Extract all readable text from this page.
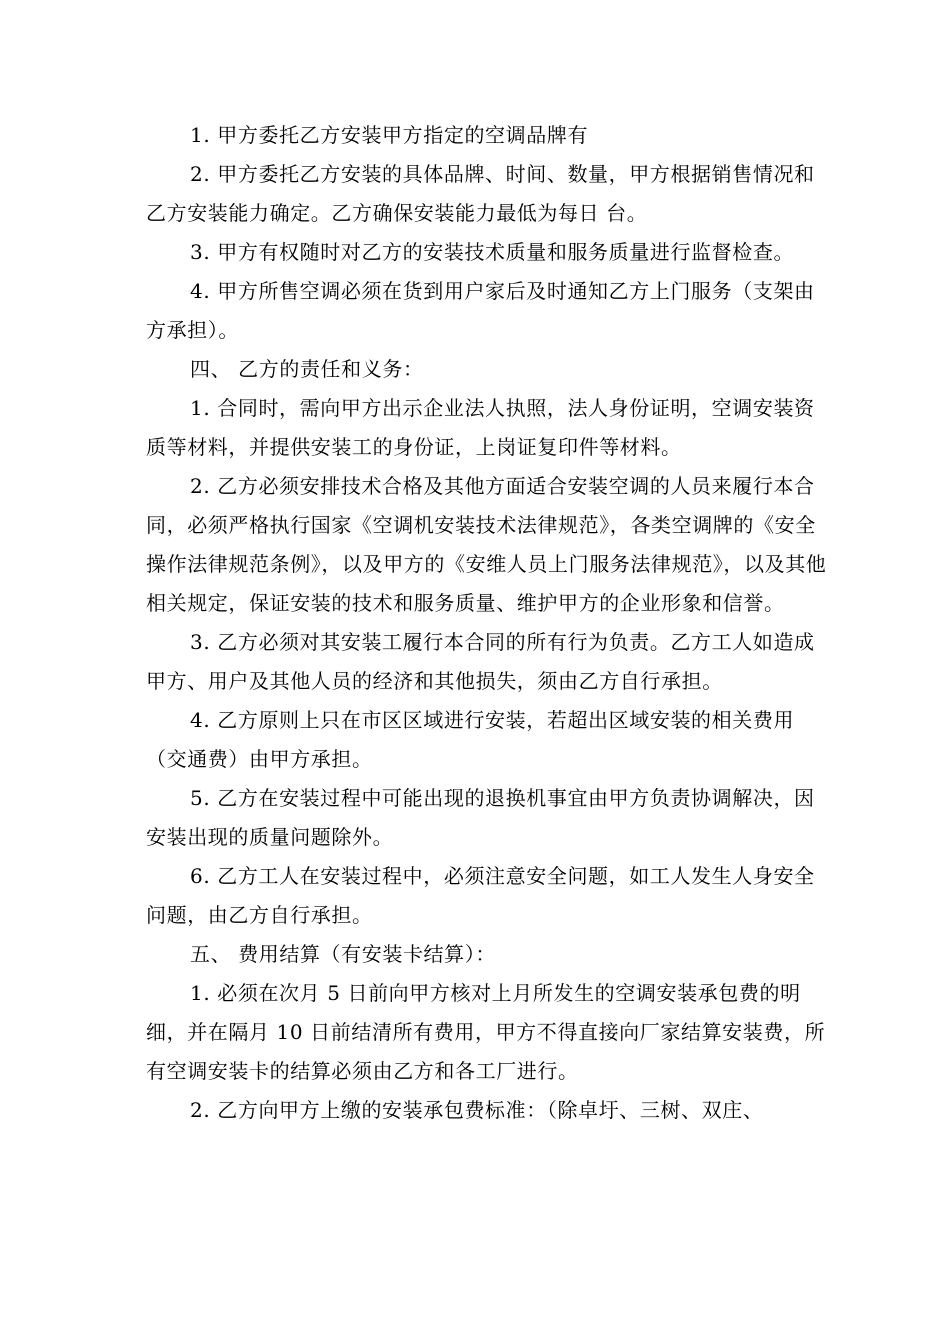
1. 甲方委托乙方安装甲方指定的空调品牌有

2. 甲方委托乙方安装的具体品牌、时间、数量，甲方根据销售情况和乙方安装能力确定。乙方确保安装能力最低为每日 台。

3. 甲方有权随时对乙方的安装技术质量和服务质量进行监督检查。

4. 甲方所售空调必须在货到用户家后及时通知乙方上门服务（支架由 方承担）。

四、 乙方的责任和义务：

1. 合同时，需向甲方出示企业法人执照，法人身份证明，空调安装资质等材料，并提供安装工的身份证，上岗证复印件等材料。

2. 乙方必须安排技术合格及其他方面适合安装空调的人员来履行本合同，必须严格执行国家《空调机安装技术法律规范》，各类空调牌的《安全操作法律规范条例》，以及甲方的《安维人员上门服务法律规范》，以及其他相关规定，保证安装的技术和服务质量、维护甲方的企业形象和信誉。

3. 乙方必须对其安装工履行本合同的所有行为负责。乙方工人如造成甲方、用户及其他人员的经济和其他损失，须由乙方自行承担。

4. 乙方原则上只在市区区域进行安装，若超出区域安装的相关费用（交通费）由甲方承担。

5. 乙方在安装过程中可能出现的退换机事宜由甲方负责协调解决，因安装出现的质量问题除外。

6. 乙方工人在安装过程中，必须注意安全问题，如工人发生人身安全问题，由乙方自行承担。

五、 费用结算（有安装卡结算）：

1. 必须在次月 5 日前向甲方核对上月所发生的空调安装承包费的明细，并在隔月 10 日前结清所有费用，甲方不得直接向厂家结算安装费，所有空调安装卡的结算必须由乙方和各工厂进行。

2. 乙方向甲方上缴的安装承包费标准：（除卓圩、三树、双庄、
